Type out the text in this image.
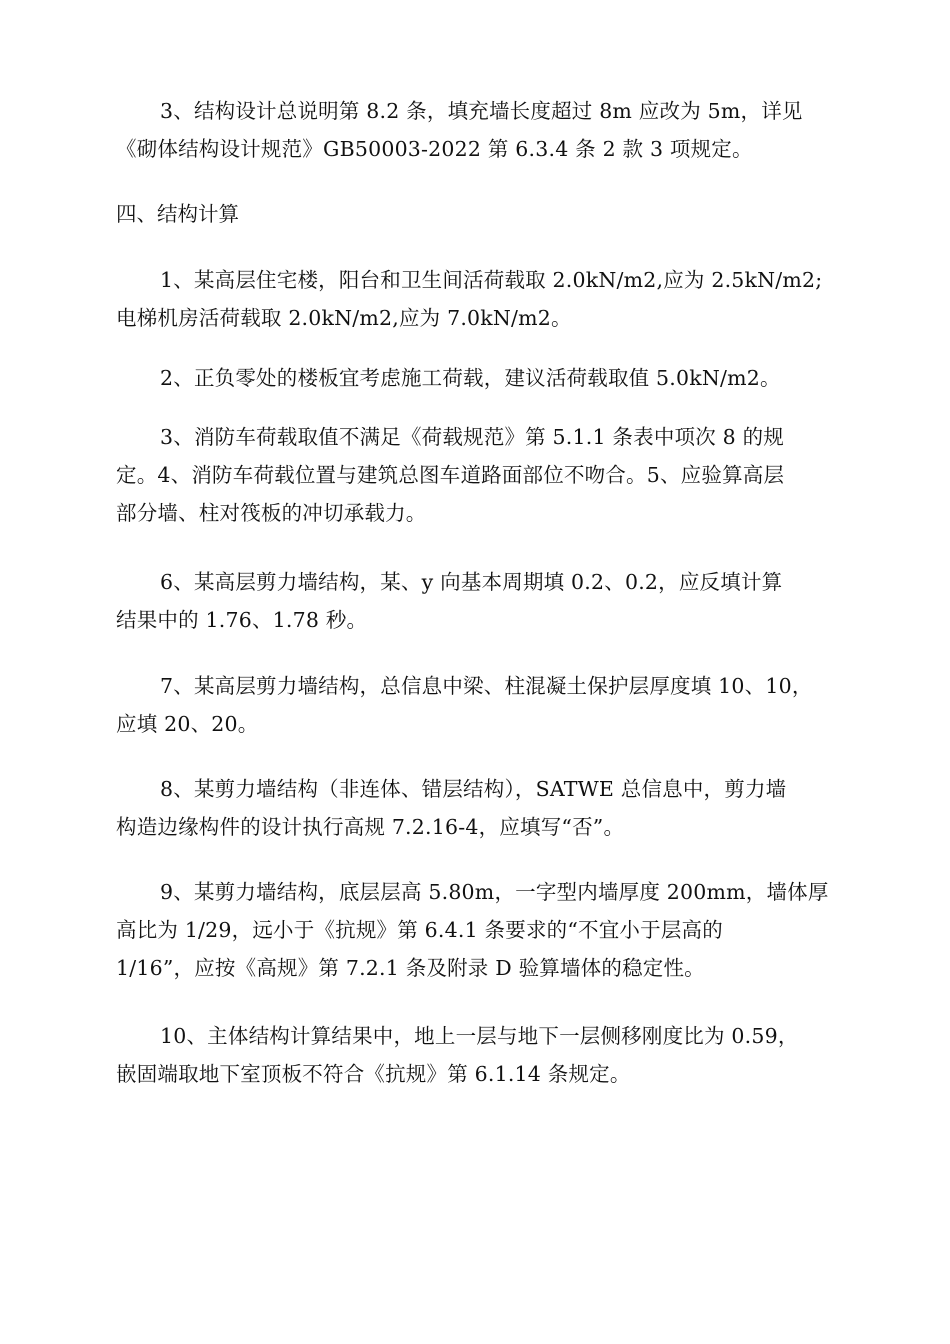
3、结构设计总说明第 8.2 条，填充墙长度超过 8m 应改为 5m，详见
《砌体结构设计规范》GB50003-2022 第 6.3.4 条 2 款 3 项规定。
四、结构计算
1、某高层住宅楼，阳台和卫生间活荷载取 2.0kN/m2,应为 2.5kN/m2;
电梯机房活荷载取 2.0kN/m2,应为 7.0kN/m2。
2、正负零处的楼板宜考虑施工荷载，建议活荷载取值 5.0kN/m2。
3、消防车荷载取值不满足《荷载规范》第 5.1.1 条表中项次 8 的规
定。4、消防车荷载位置与建筑总图车道路面部位不吻合。5、应验算高层
部分墙、柱对筏板的冲切承载力。
6、某高层剪力墙结构，某、y 向基本周期填 0.2、0.2，应反填计算
结果中的 1.76、1.78 秒。
7、某高层剪力墙结构，总信息中梁、柱混凝土保护层厚度填 10、10，
应填 20、20。
8、某剪力墙结构（非连体、错层结构），SATWE 总信息中，剪力墙
构造边缘构件的设计执行高规 7.2.16-4，应填写“否”。
9、某剪力墙结构，底层层高 5.80m，一字型内墙厚度 200mm，墙体厚
高比为 1/29，远小于《抗规》第 6.4.1 条要求的“不宜小于层高的
1/16”，应按《高规》第 7.2.1 条及附录 D 验算墙体的稳定性。
10、主体结构计算结果中，地上一层与地下一层侧移刚度比为 0.59，
嵌固端取地下室顶板不符合《抗规》第 6.1.14 条规定。
